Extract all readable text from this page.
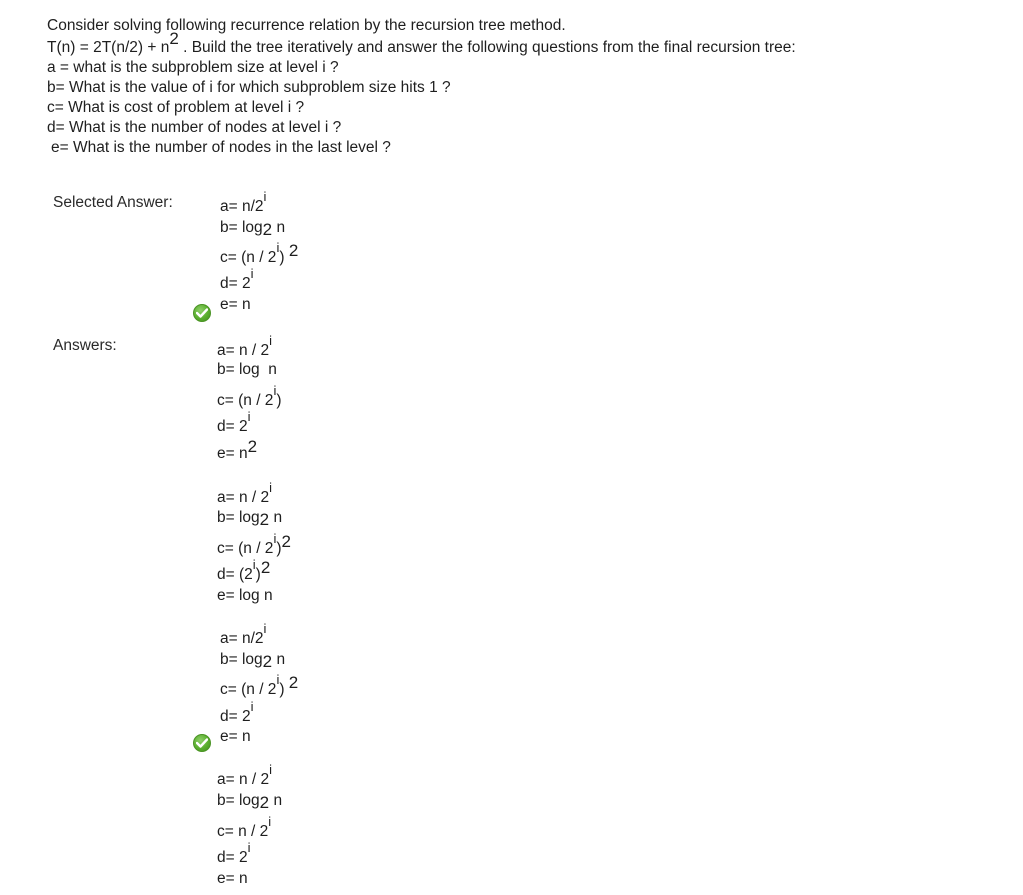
Consider solving following recurrence relation by the recursion tree method.
$T(n) = 2T(n/2) + n^2$ . Build the tree iteratively and answer the following questions from the final recursion tree:
a = what is the subproblem size at level i ?
b= What is the value of i for which subproblem size hits 1 ?
c= What is cost of problem at level i ?
d= What is the number of nodes at level i ?
e= What is the number of nodes in the last level ?
Selected Answer:	$a= n/2^i$
$b= \log_2 n$
c= (n / 2$^i$) 2
$d= 2^i$
e= n
Answers:	a= n / 2$^i$
b= log  n
c= (n / 2$^i$)
$d= 2^i$
e= n2
a= n / 2$^i$
$b= \log_2 n$
c= (n / 2$^i$)2
$d= (2^i)2$
e= log n
$a= n/2^i$
$b= \log_2 n$
c= (n / 2$^i$) 2
$d= 2^i$
e= n
a= n / 2$^i$
$b= \log_2 n$
c= n / 2$^i$
$d= 2^i$
e= n
